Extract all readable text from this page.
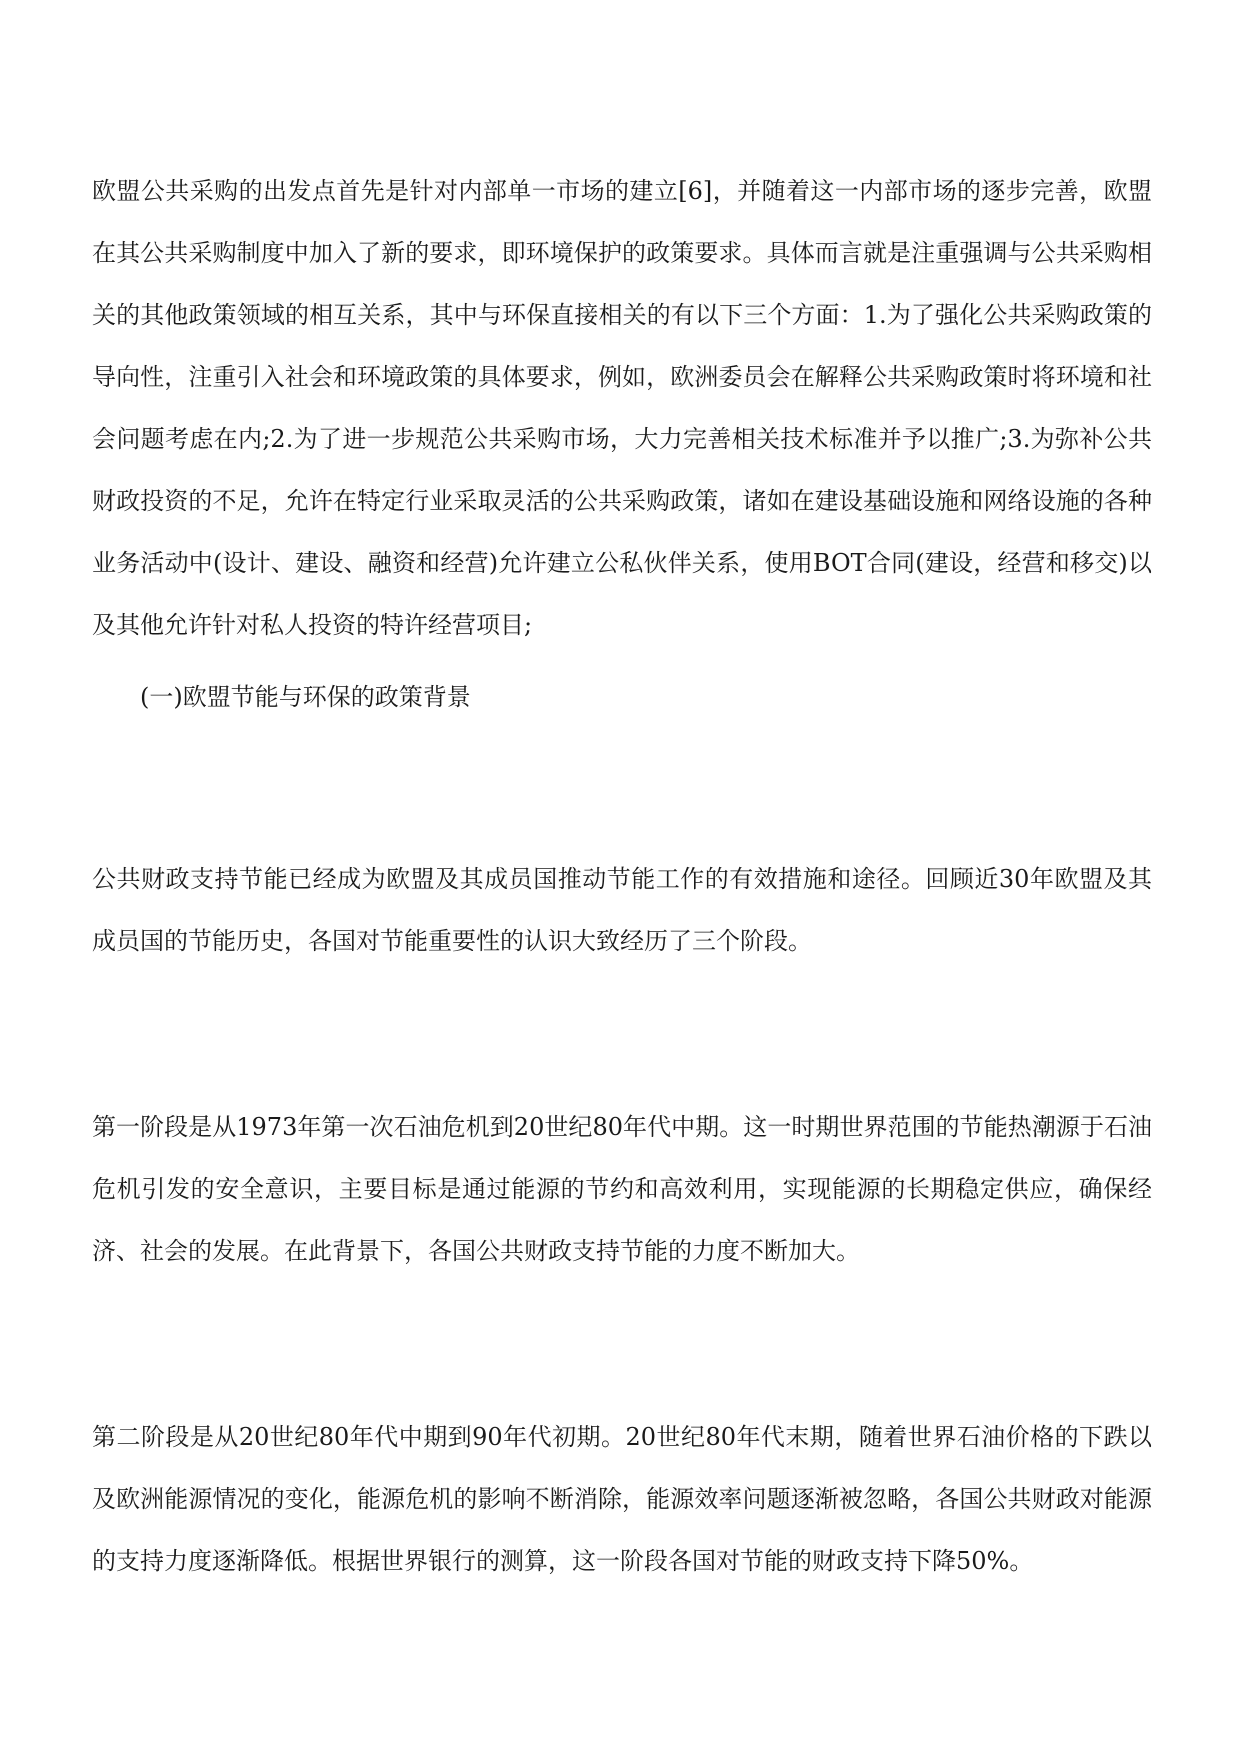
欧盟公共采购的出发点首先是针对内部单一市场的建立[6]，并随着这一内部市场的逐步完善，欧盟在其公共采购制度中加入了新的要求，即环境保护的政策要求。具体而言就是注重强调与公共采购相关的其他政策领域的相互关系，其中与环保直接相关的有以下三个方面：1.为了强化公共采购政策的导向性，注重引入社会和环境政策的具体要求，例如，欧洲委员会在解释公共采购政策时将环境和社会问题考虑在内;2.为了进一步规范公共采购市场，大力完善相关技术标准并予以推广;3.为弥补公共财政投资的不足，允许在特定行业采取灵活的公共采购政策，诸如在建设基础设施和网络设施的各种业务活动中(设计、建设、融资和经营)允许建立公私伙伴关系，使用BOT合同(建设，经营和移交)以及其他允许针对私人投资的特许经营项目;

(一)欧盟节能与环保的政策背景

公共财政支持节能已经成为欧盟及其成员国推动节能工作的有效措施和途径。回顾近30年欧盟及其成员国的节能历史，各国对节能重要性的认识大致经历了三个阶段。

第一阶段是从1973年第一次石油危机到20世纪80年代中期。这一时期世界范围的节能热潮源于石油危机引发的安全意识，主要目标是通过能源的节约和高效利用，实现能源的长期稳定供应，确保经济、社会的发展。在此背景下，各国公共财政支持节能的力度不断加大。

第二阶段是从20世纪80年代中期到90年代初期。20世纪80年代末期，随着世界石油价格的下跌以及欧洲能源情况的变化，能源危机的影响不断消除，能源效率问题逐渐被忽略，各国公共财政对能源的支持力度逐渐降低。根据世界银行的测算，这一阶段各国对节能的财政支持下降50%。
